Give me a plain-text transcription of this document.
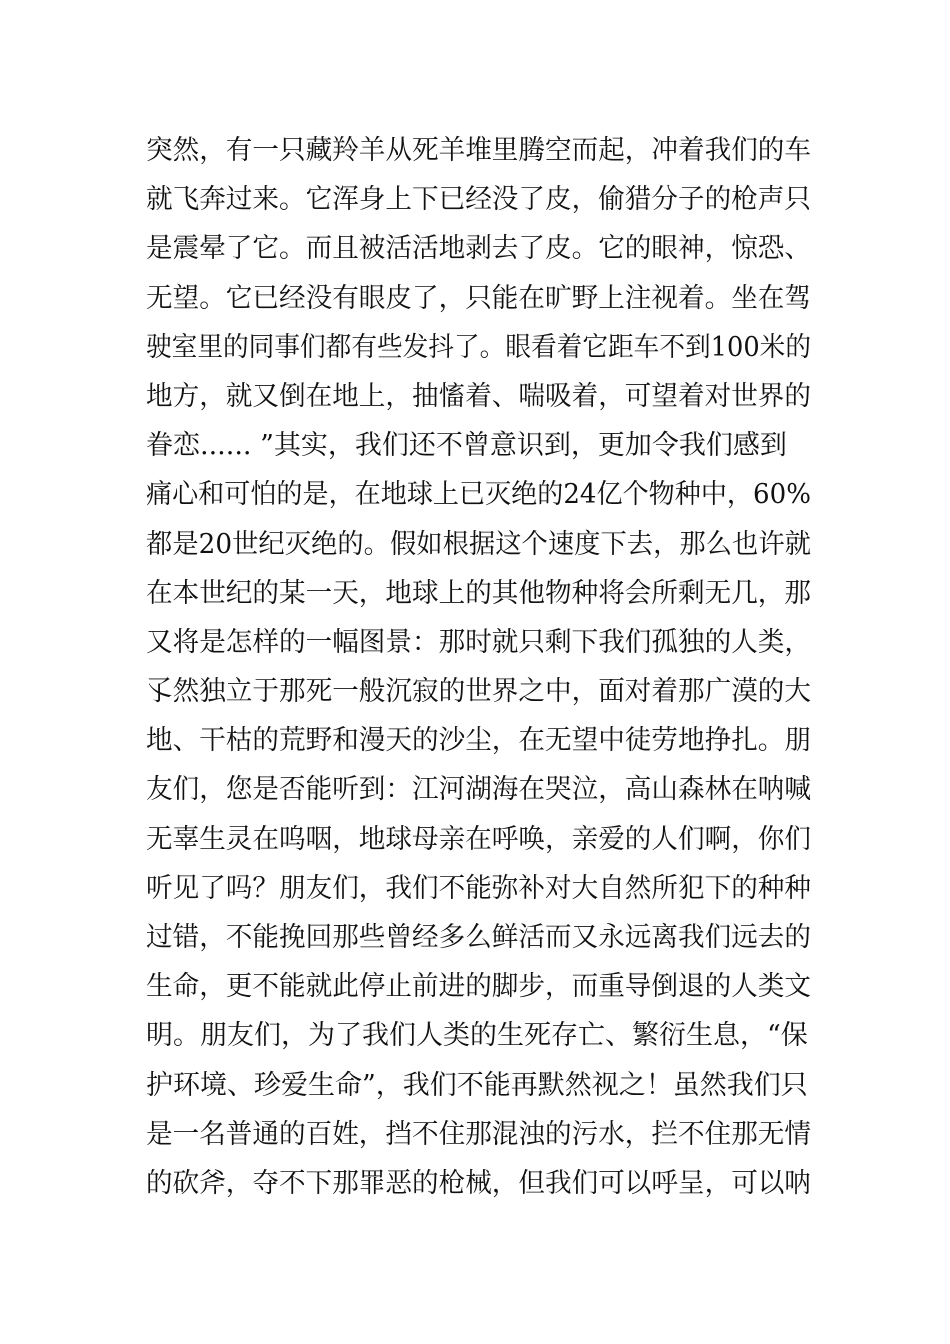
突然，有一只藏羚羊从死羊堆里腾空而起，冲着我们的车
就飞奔过来。它浑身上下已经没了皮，偷猎分子的枪声只
是震晕了它。而且被活活地剥去了皮。它的眼神，惊恐、
无望。它已经没有眼皮了，只能在旷野上注视着。坐在驾
驶室里的同事们都有些发抖了。眼看着它距车不到100米的
地方，就又倒在地上，抽慉着、喘吸着，可望着对世界的
眷恋...... ”其实，我们还不曾意识到，更加令我们感到
痛心和可怕的是，在地球上已灭绝的24亿个物种中，60%
都是20世纪灭绝的。假如根据这个速度下去，那么也许就
在本世纪的某一天，地球上的其他物种将会所剩无几，那
又将是怎样的一幅图景：那时就只剩下我们孤独的人类，
孓然独立于那死一般沉寂的世界之中，面对着那广漠的大
地、干枯的荒野和漫天的沙尘，在无望中徒劳地挣扎。朋
友们，您是否能听到：江河湖海在哭泣，高山森林在呐喊
无辜生灵在呜咽，地球母亲在呼唤，亲爱的人们啊，你们
听见了吗？朋友们，我们不能弥补对大自然所犯下的种种
过错，不能挽回那些曾经多么鲜活而又永远离我们远去的
生命，更不能就此停止前进的脚步，而重导倒退的人类文
明。朋友们，为了我们人类的生死存亡、繁衍生息，“保
护环境、珍爱生命”，我们不能再默然视之！虽然我们只
是一名普通的百姓，挡不住那混浊的污水，拦不住那无情
的砍斧，夺不下那罪恶的枪械，但我们可以呼呈，可以呐
